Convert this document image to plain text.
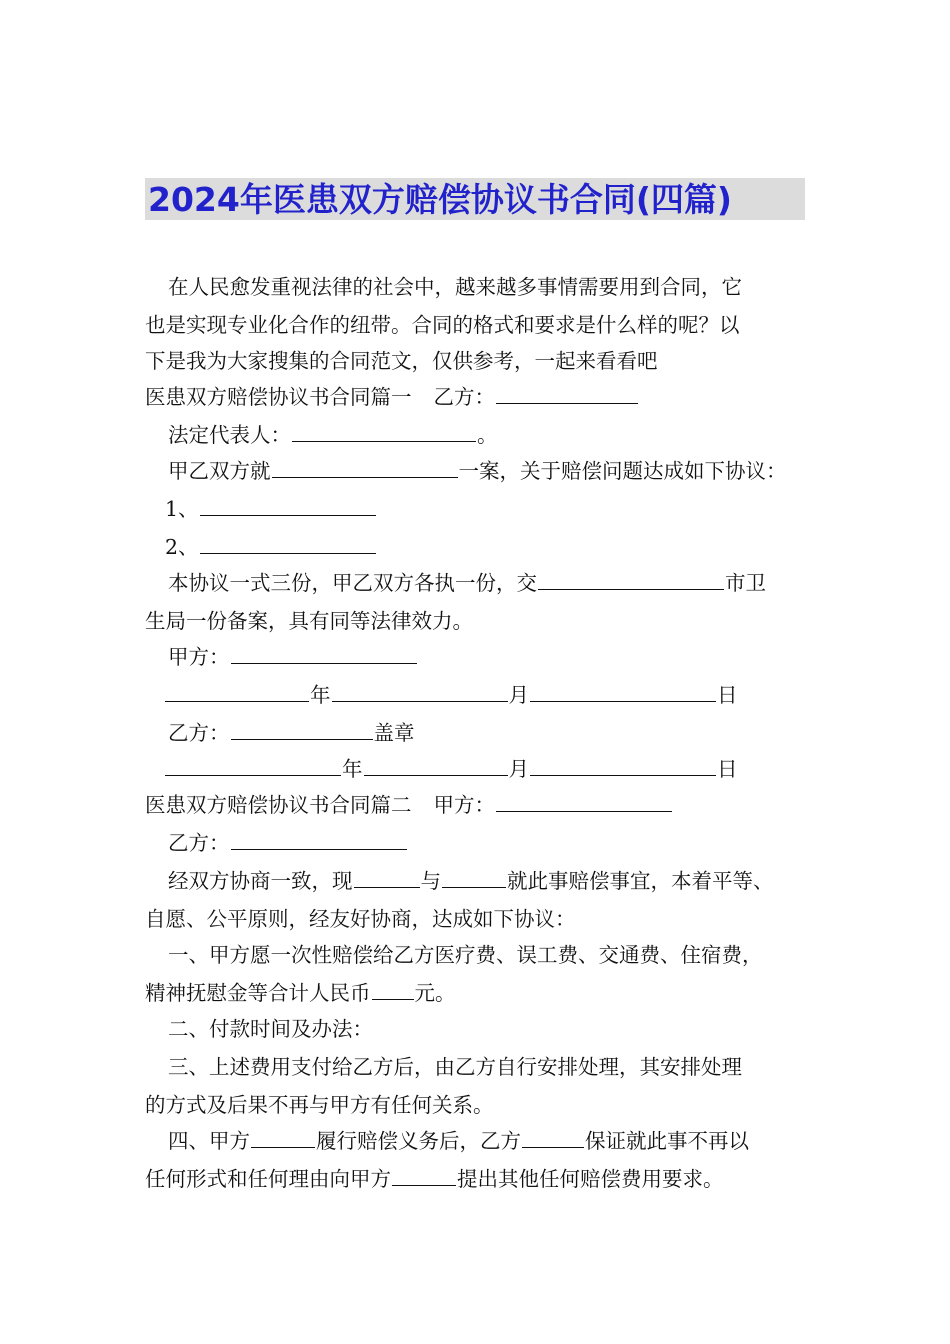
2024年医患双方赔偿协议书合同(四篇)
在人民愈发重视法律的社会中，越来越多事情需要用到合同，它
也是实现专业化合作的纽带。合同的格式和要求是什么样的呢？以
下是我为大家搜集的合同范文，仅供参考，一起来看看吧
医患双方赔偿协议书合同篇一 乙方：
法定代表人：	。
甲乙双方就	一案，关于赔偿问题达成如下协议：
1、
2、
本协议一式三份，甲乙双方各执一份，交	市卫
生局一份备案，具有同等法律效力。
甲方：
年	月	日
乙方：	盖章
年	月	日
医患双方赔偿协议书合同篇二 甲方：
乙方：
经双方协商一致，现	与	就此事赔偿事宜，本着平等、
自愿、公平原则，经友好协商，达成如下协议：
一、甲方愿一次性赔偿给乙方医疗费、误工费、交通费、住宿费，
精神抚慰金等合计人民币 元。
二、付款时间及办法：
三、上述费用支付给乙方后，由乙方自行安排处理，其安排处理
的方式及后果不再与甲方有任何关系。
四、甲方	履行赔偿义务后，乙方	保证就此事不再以
任何形式和任何理由向甲方	提出其他任何赔偿费用要求。
